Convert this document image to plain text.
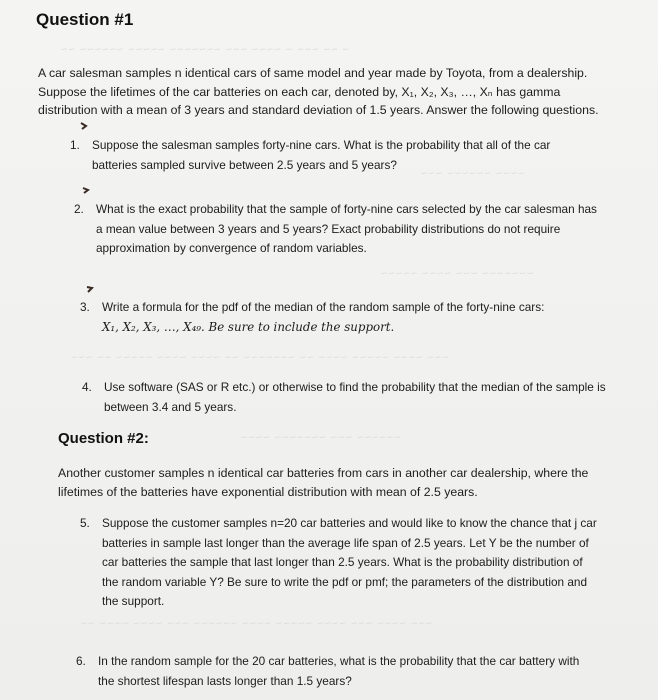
~ ~~ ~~~ ~ ~~~~ ~~~ ~~~~~~~ ~~~~~ ~~~~~~ ~~
~~~~ ~~~~~~ ~~~
~~~~~~~ ~~~ ~~~~ ~~~~~
~~~ ~~~~ ~~~~~ ~~~~ ~~ ~~~~~~~ ~~ ~~~~ ~~~~ ~~~~~ ~~ ~~~
~~~~~~ ~~~ ~~~~~~~ ~~~~
~~~ ~~~~ ~~~ ~~~~ ~~~~~ ~~~~ ~~~~~~ ~~~ ~~~~ ~~~~ ~~
Question #1
A car salesman samples n identical cars of same model and year made by Toyota, from a dealership.
Suppose the lifetimes of the car batteries on each car, denoted by, X₁, X₂, X₃, …, Xₙ has gamma
distribution with a mean of 3 years and standard deviation of 1.5 years. Answer the following questions.
1. Suppose the salesman samples forty-nine cars. What is the probability that all of the car
batteries sampled survive between 2.5 years and 5 years?
2. What is the exact probability that the sample of forty-nine cars selected by the car salesman has
a mean value between 3 years and 5 years? Exact probability distributions do not require
approximation by convergence of random variables.
3. Write a formula for the pdf of the median of the random sample of the forty-nine cars:
X₁, X₂, X₃, …, X₄₉. Be sure to include the support.
4. Use software (SAS or R etc.) or otherwise to find the probability that the median of the sample is
between 3.4 and 5 years.
Question #2:
Another customer samples n identical car batteries from cars in another car dealership, where the
lifetimes of the batteries have exponential distribution with mean of 2.5 years.
5. Suppose the customer samples n=20 car batteries and would like to know the chance that j car
batteries in sample last longer than the average life span of 2.5 years. Let Y be the number of
car batteries the sample that last longer than 2.5 years. What is the probability distribution of
the random variable Y? Be sure to write the pdf or pmf; the parameters of the distribution and
the support.
6. In the random sample for the 20 car batteries, what is the probability that the car battery with
the shortest lifespan lasts longer than 1.5 years?
